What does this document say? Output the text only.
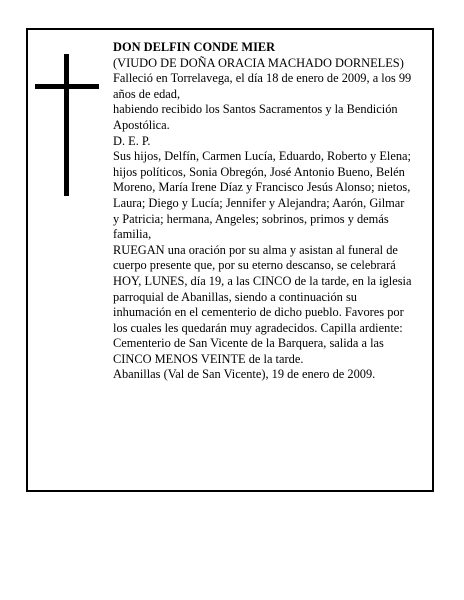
DON DELFIN CONDE MIER

(VIUDO DE DOÑA ORACIA MACHADO DORNELES)

Falleció en Torrelavega, el día 18 de enero de 2009, a los 99 años de edad,

habiendo recibido los Santos Sacramentos y la Bendición Apostólica.

D. E. P.

Sus hijos, Delfín, Carmen Lucía, Eduardo, Roberto y Elena; hijos políticos, Sonia Obregón, José Antonio Bueno, Belén Moreno, María Irene Díaz y Francisco Jesús Alonso; nietos, Laura; Diego y Lucía; Jennifer y Alejandra; Aarón, Gilmar y Patricia; hermana, Angeles; sobrinos, primos y demás familia,

RUEGAN una oración por su alma y asistan al funeral de cuerpo presente que, por su eterno descanso, se celebrará HOY, LUNES, día 19, a las CINCO de la tarde, en la iglesia parroquial de Abanillas, siendo a continuación su inhumación en el cementerio de dicho pueblo. Favores por los cuales les quedarán muy agradecidos. Capilla ardiente: Cementerio de San Vicente de la Barquera, salida a las CINCO MENOS VEINTE de la tarde.

Abanillas (Val de San Vicente), 19 de enero de 2009.
